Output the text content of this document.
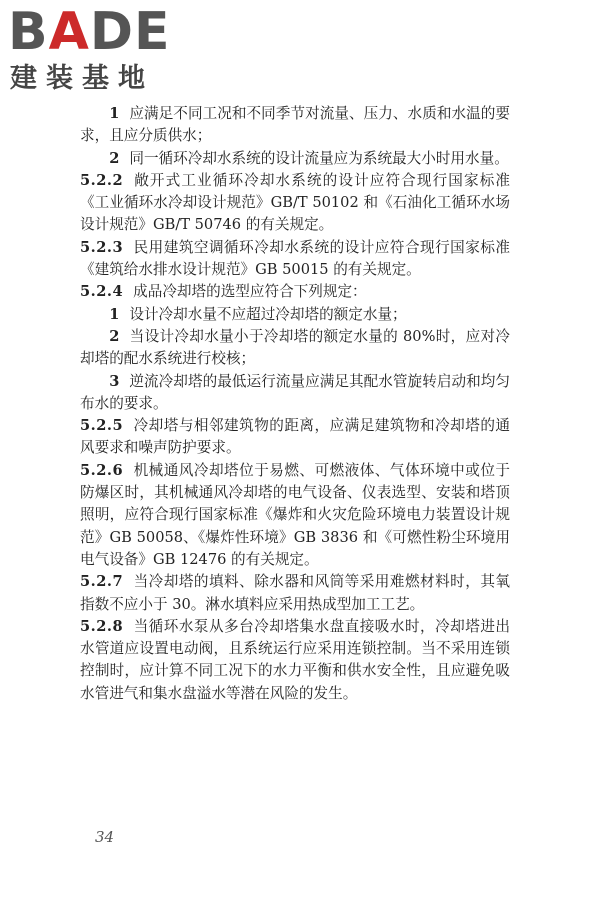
BADE
建装基地

1 应满足不同工况和不同季节对流量、压力、水质和水温的要求，且应分质供水；

2 同一循环冷却水系统的设计流量应为系统最大小时用水量。

5.2.2 敞开式工业循环冷却水系统的设计应符合现行国家标准《工业循环水冷却设计规范》GB/T 50102 和《石油化工循环水场设计规范》GB/T 50746 的有关规定。

5.2.3 民用建筑空调循环冷却水系统的设计应符合现行国家标准《建筑给水排水设计规范》GB 50015 的有关规定。

5.2.4 成品冷却塔的选型应符合下列规定：

1 设计冷却水量不应超过冷却塔的额定水量；

2 当设计冷却水量小于冷却塔的额定水量的 80%时，应对冷却塔的配水系统进行校核；

3 逆流冷却塔的最低运行流量应满足其配水管旋转启动和均匀布水的要求。

5.2.5 冷却塔与相邻建筑物的距离，应满足建筑物和冷却塔的通风要求和噪声防护要求。

5.2.6 机械通风冷却塔位于易燃、可燃液体、气体环境中或位于防爆区时，其机械通风冷却塔的电气设备、仪表选型、安装和塔顶照明，应符合现行国家标准《爆炸和火灾危险环境电力装置设计规范》GB 50058、《爆炸性环境》GB 3836 和《可燃性粉尘环境用电气设备》GB 12476 的有关规定。

5.2.7 当冷却塔的填料、除水器和风筒等采用难燃材料时，其氧指数不应小于 30。淋水填料应采用热成型加工工艺。

5.2.8 当循环水泵从多台冷却塔集水盘直接吸水时，冷却塔进出水管道应设置电动阀，且系统运行应采用连锁控制。当不采用连锁控制时，应计算不同工况下的水力平衡和供水安全性，且应避免吸水管进气和集水盘溢水等潜在风险的发生。

34
